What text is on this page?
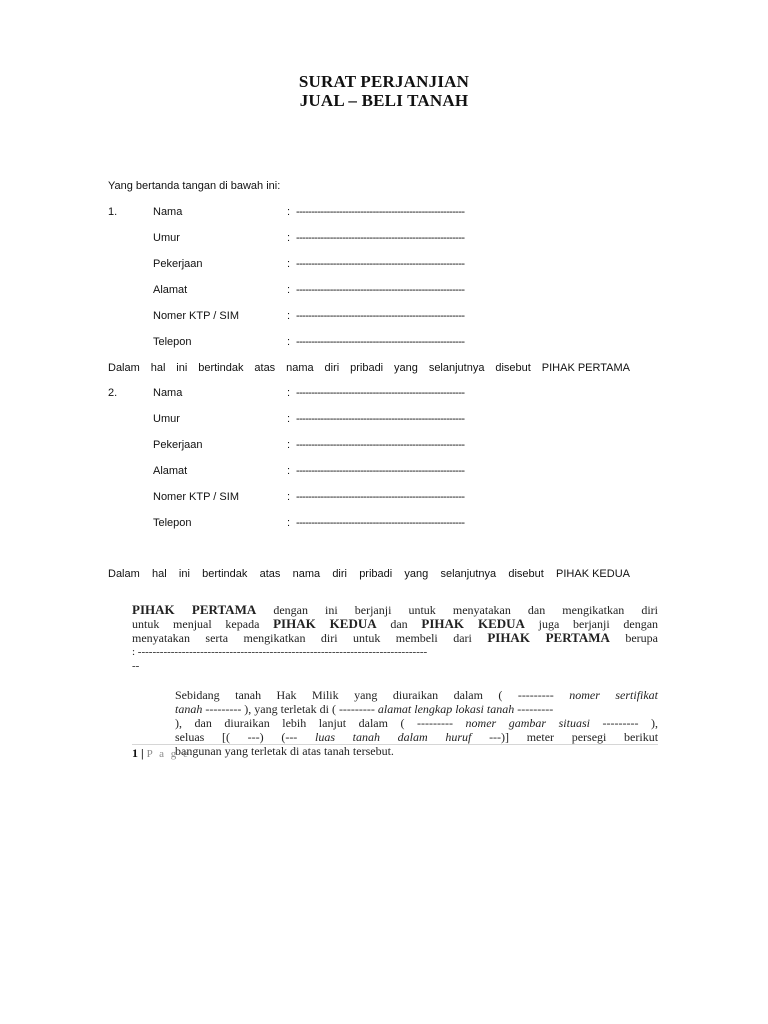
SURAT PERJANJIAN
JUAL – BELI TANAH
Yang bertanda tangan di bawah ini:
1.	Nama	: -------------------------------------------------------
Umur	: -------------------------------------------------------
Pekerjaan	: -------------------------------------------------------
Alamat	: -------------------------------------------------------
Nomer KTP / SIM	: -------------------------------------------------------
Telepon	: -------------------------------------------------------
Dalam hal ini bertindak atas nama diri pribadi yang selanjutnya disebut PIHAK PERTAMA
2.	Nama	: -------------------------------------------------------
Umur	: -------------------------------------------------------
Pekerjaan	: -------------------------------------------------------
Alamat	: -------------------------------------------------------
Nomer KTP / SIM	: -------------------------------------------------------
Telepon	: -------------------------------------------------------
Dalam hal ini bertindak atas nama diri pribadi yang selanjutnya disebut PIHAK KEDUA
PIHAK PERTAMA dengan ini berjanji untuk menyatakan dan mengikatkan diri
untuk menjual kepada PIHAK KEDUA dan PIHAK KEDUA juga berjanji dengan
menyatakan serta mengikatkan diri untuk membeli dari PIHAK PERTAMA berupa
: -------------------------------------------------------------------------------
--
Sebidang tanah Hak Milik yang diuraikan dalam ( --------- nomer sertifikat
tanah --------- ), yang terletak di ( --------- alamat lengkap lokasi tanah ---------
), dan diuraikan lebih lanjut dalam ( --------- nomer gambar situasi --------- ),
seluas [( ---) (--- luas tanah dalam huruf ---)] meter persegi berikut
bangunan yang terletak di atas tanah tersebut.
1 | P a g e
